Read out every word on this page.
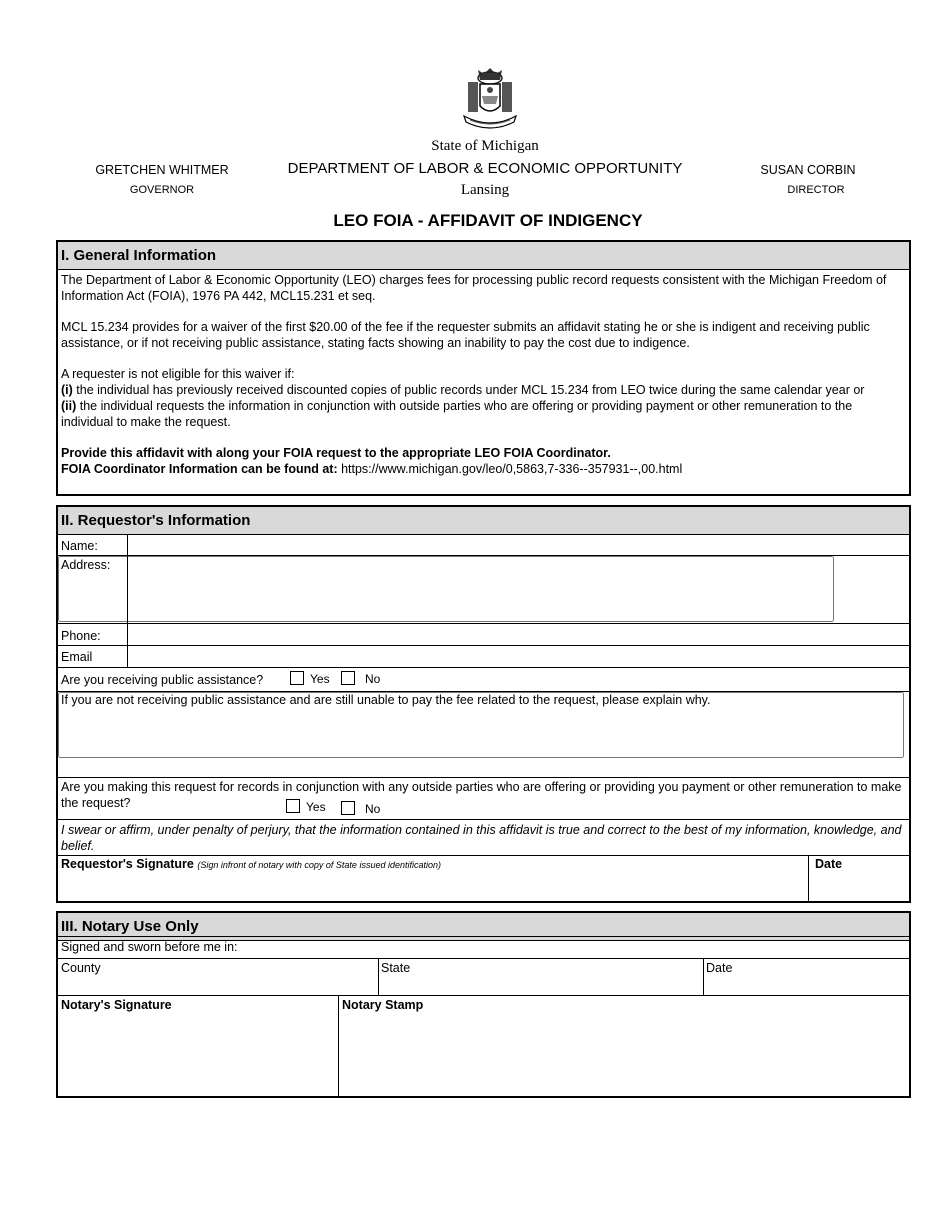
State of Michigan
DEPARTMENT OF LABOR & ECONOMIC OPPORTUNITY
Lansing
GRETCHEN WHITMER
GOVERNOR
SUSAN CORBIN
DIRECTOR
LEO FOIA - AFFIDAVIT OF INDIGENCY
I. General Information

The Department of Labor & Economic Opportunity (LEO) charges fees for processing public record requests consistent with the Michigan Freedom of Information Act (FOIA), 1976 PA 442, MCL15.231 et seq.

MCL 15.234 provides for a waiver of the first $20.00 of the fee if the requester submits an affidavit stating he or she is indigent and receiving public assistance, or if not receiving public assistance, stating facts showing an inability to pay the cost due to indigence.

A requester is not eligible for this waiver if:

(i) the individual has previously received discounted copies of public records under MCL 15.234 from LEO twice during the same calendar year or

(ii) the individual requests the information in conjunction with outside parties who are offering or providing payment or other remuneration to the individual to make the request.

Provide this affidavit with along your FOIA request to the appropriate LEO FOIA Coordinator.

FOIA Coordinator Information can be found at: https://www.michigan.gov/leo/0,5863,7-336--357931--,00.html

II. Requestor's Information
Name:
Address:
Phone:
Email
Are you receiving public assistance?	Yes	No
If you are not receiving public assistance and are still unable to pay the fee related to the request, please explain why.
Are you making this request for records in conjunction with any outside parties who are offering or providing you payment or other remuneration to make the request?	Yes	No
I swear or affirm, under penalty of perjury, that the information contained in this affidavit is true and correct to the best of my information, knowledge, and belief.
Requestor's Signature (Sign infront of notary with copy of State issued identification)	Date
III. Notary Use Only
Signed and sworn before me in:
County	State	Date
Notary's Signature	Notary Stamp
